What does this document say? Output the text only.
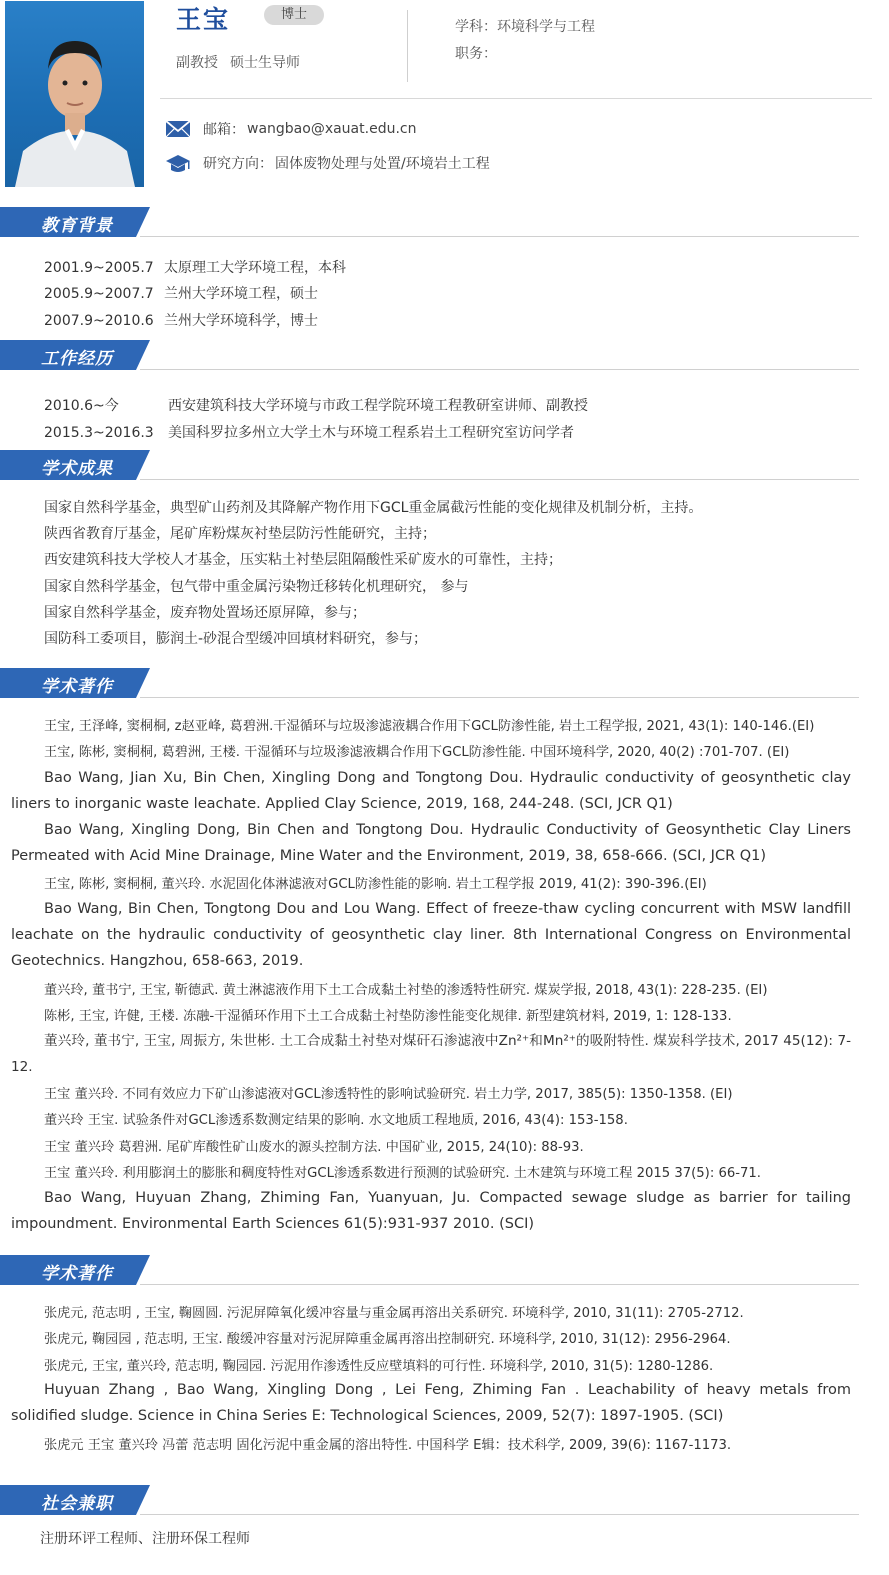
王宝	博士
副教授 硕士生导师
学科：环境科学与工程
职务：
邮箱： wangbao@xauat.edu.cn
研究方向： 固体废物处理与处置/环境岩土工程
教育背景
2001.9~2005.7 太原理工大学环境工程，本科
2005.9~2007.7 兰州大学环境工程，硕士
2007.9~2010.6 兰州大学环境科学，博士
工作经历
2010.6~今	西安建筑科技大学环境与市政工程学院环境工程教研室讲师、副教授
2015.3~2016.3 美国科罗拉多州立大学土木与环境工程系岩土工程研究室访问学者
学术成果
国家自然科学基金，典型矿山药剂及其降解产物作用下GCL重金属截污性能的变化规律及机制分析，主持。
陕西省教育厅基金，尾矿库粉煤灰衬垫层防污性能研究，主持；
西安建筑科技大学校人才基金，压实粘土衬垫层阻隔酸性采矿废水的可靠性，主持；
国家自然科学基金，包气带中重金属污染物迁移转化机理研究， 参与
国家自然科学基金，废弃物处置场还原屏障，参与；
国防科工委项目，膨润土-砂混合型缓冲回填材料研究，参与；
学术著作
王宝, 王泽峰, 窦桐桐, z赵亚峰, 葛碧洲.干湿循环与垃圾渗滤液耦合作用下GCL防渗性能, 岩土工程学报, 2021, 43(1): 140-146.(EI)
王宝, 陈彬, 窦桐桐, 葛碧洲, 王楼. 干湿循环与垃圾渗滤液耦合作用下GCL防渗性能. 中国环境科学, 2020, 40(2) :701-707. (EI)
Bao Wang, Jian Xu, Bin Chen, Xingling Dong and Tongtong Dou. Hydraulic conductivity of geosynthetic clay liners to inorganic waste leachate. Applied Clay Science, 2019, 168, 244-248. (SCI, JCR Q1)
Bao Wang, Xingling Dong, Bin Chen and Tongtong Dou. Hydraulic Conductivity of Geosynthetic Clay Liners Permeated with Acid Mine Drainage, Mine Water and the Environment, 2019, 38, 658-666. (SCI, JCR Q1)
王宝, 陈彬, 窦桐桐, 董兴玲. 水泥固化体淋滤液对GCL防渗性能的影响. 岩土工程学报 2019, 41(2): 390-396.(EI)
Bao Wang, Bin Chen, Tongtong Dou and Lou Wang. Effect of freeze-thaw cycling concurrent with MSW landfill leachate on the hydraulic conductivity of geosynthetic clay liner. 8th International Congress on Environmental Geotechnics. Hangzhou, 658-663, 2019.
董兴玲, 董书宁, 王宝, 靳德武. 黄土淋滤液作用下土工合成黏土衬垫的渗透特性研究. 煤炭学报, 2018, 43(1): 228-235. (EI)
陈彬, 王宝, 许健, 王楼. 冻融-干湿循环作用下土工合成黏土衬垫防渗性能变化规律. 新型建筑材料, 2019, 1: 128-133.
董兴玲, 董书宁, 王宝, 周振方, 朱世彬. 土工合成黏土衬垫对煤矸石渗滤液中Zn²⁺和Mn²⁺的吸附特性. 煤炭科学技术, 2017 45(12): 7-12.
王宝 董兴玲. 不同有效应力下矿山渗滤液对GCL渗透特性的影响试验研究. 岩土力学, 2017, 385(5): 1350-1358. (EI)
董兴玲 王宝. 试验条件对GCL渗透系数测定结果的影响. 水文地质工程地质, 2016, 43(4): 153-158.
王宝 董兴玲 葛碧洲. 尾矿库酸性矿山废水的源头控制方法. 中国矿业, 2015, 24(10): 88-93.
王宝 董兴玲. 利用膨润土的膨胀和稠度特性对GCL渗透系数进行预测的试验研究. 土木建筑与环境工程 2015 37(5): 66-71.
Bao Wang, Huyuan Zhang, Zhiming Fan, Yuanyuan, Ju. Compacted sewage sludge as barrier for tailing impoundment. Environmental Earth Sciences 61(5):931-937 2010. (SCI)
学术著作
张虎元, 范志明 , 王宝, 鞠圆圆. 污泥屏障氧化缓冲容量与重金属再溶出关系研究. 环境科学, 2010, 31(11): 2705-2712.
张虎元, 鞠园园 , 范志明, 王宝. 酸缓冲容量对污泥屏障重金属再溶出控制研究. 环境科学, 2010, 31(12): 2956-2964.
张虎元, 王宝, 董兴玲, 范志明, 鞠园园. 污泥用作渗透性反应壁填料的可行性. 环境科学, 2010, 31(5): 1280-1286.
Huyuan Zhang , Bao Wang, Xingling Dong , Lei Feng, Zhiming Fan . Leachability of heavy metals from solidified sludge. Science in China Series E: Technological Sciences, 2009, 52(7): 1897-1905. (SCI)
张虎元 王宝 董兴玲 冯蕾 范志明 固化污泥中重金属的溶出特性. 中国科学 E辑：技术科学, 2009, 39(6): 1167-1173.
社会兼职
注册环评工程师、注册环保工程师
